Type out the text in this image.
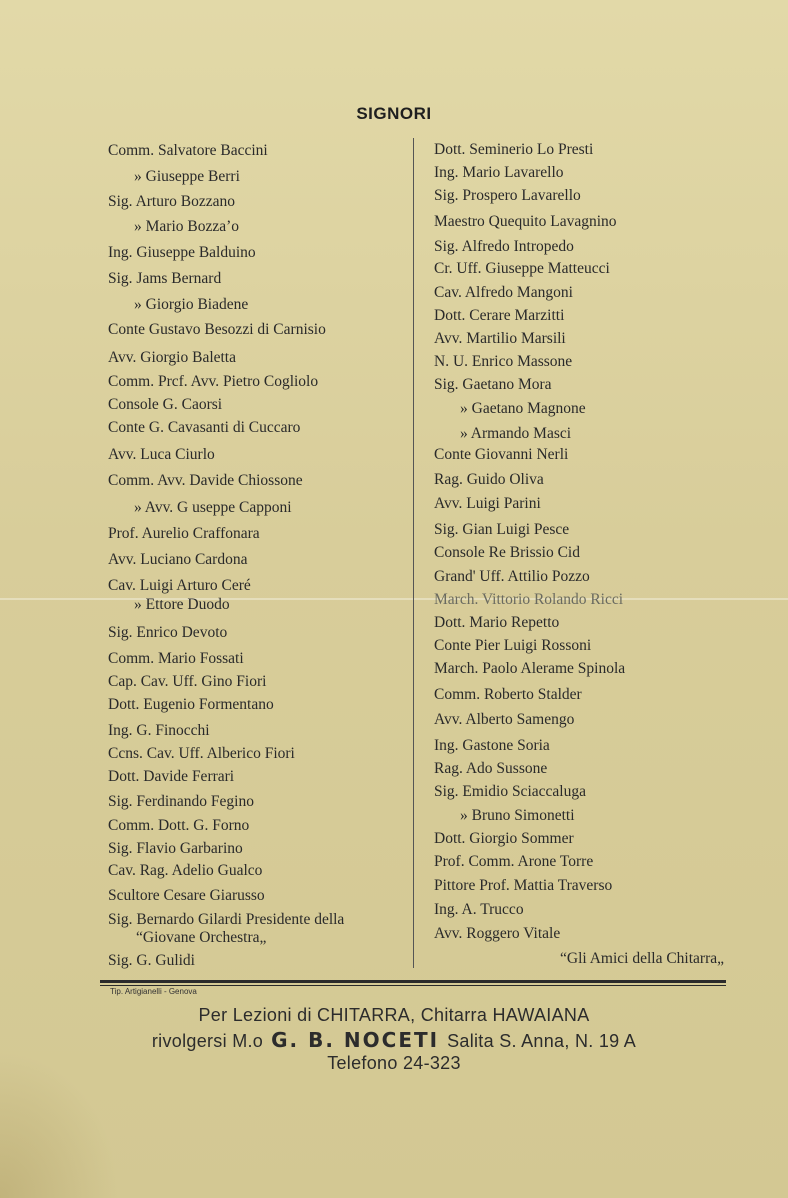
SIGNORI
Comm. Salvatore Baccini
» Giuseppe Berri
Sig. Arturo Bozzano
» Mario Bozza’o
Ing. Giuseppe Balduino
Sig. Jams Bernard
» Giorgio Biadene
Conte Gustavo Besozzi di Carnisio
Avv. Giorgio Baletta
Comm. Prcf. Avv. Pietro Cogliolo
Console G. Caorsi
Conte G. Cavasanti di Cuccaro
Avv. Luca Ciurlo
Comm. Avv. Davide Chiossone
» Avv. G useppe Capponi
Prof. Aurelio Craffonara
Avv. Luciano Cardona
Cav. Luigi Arturo Ceré
» Ettore Duodo
Sig. Enrico Devoto
Comm. Mario Fossati
Cap. Cav. Uff. Gino Fiori
Dott. Eugenio Formentano
Ing. G. Finocchi
Ccns. Cav. Uff. Alberico Fiori
Dott. Davide Ferrari
Sig. Ferdinando Fegino
Comm. Dott. G. Forno
Sig. Flavio Garbarino
Cav. Rag. Adelio Gualco
Scultore Cesare Giarusso
Sig. Bernardo Gilardi Presidente della
“Giovane Orchestra„
Sig. G. Gulidi
Dott. Seminerio Lo Presti
Ing. Mario Lavarello
Sig. Prospero Lavarello
Maestro Quequito Lavagnino
Sig. Alfredo Intropedo
Cr. Uff. Giuseppe Matteucci
Cav. Alfredo Mangoni
Dott. Cerare Marzitti
Avv. Martilio Marsili
N. U. Enrico Massone
Sig. Gaetano Mora
» Gaetano Magnone
» Armando Masci
Conte Giovanni Nerli
Rag. Guido Oliva
Avv. Luigi Parini
Sig. Gian Luigi Pesce
Console Re Brissio Cid
Grand' Uff. Attilio Pozzo
March. Vittorio Rolando Ricci
Dott. Mario Repetto
Conte Pier Luigi Rossoni
March. Paolo Alerame Spinola
Comm. Roberto Stalder
Avv. Alberto Samengo
Ing. Gastone Soria
Rag. Ado Sussone
Sig. Emidio Sciaccaluga
» Bruno Simonetti
Dott. Giorgio Sommer
Prof. Comm. Arone Torre
Pittore Prof. Mattia Traverso
Ing. A. Trucco
Avv. Roggero Vitale
“Gli Amici della Chitarra„
Tip. Artigianelli - Genova
Per Lezioni di CHITARRA, Chitarra HAWAIANA
rivolgersi M.o G. B. NOCETI Salita S. Anna, N. 19 A
Telefono 24-323
